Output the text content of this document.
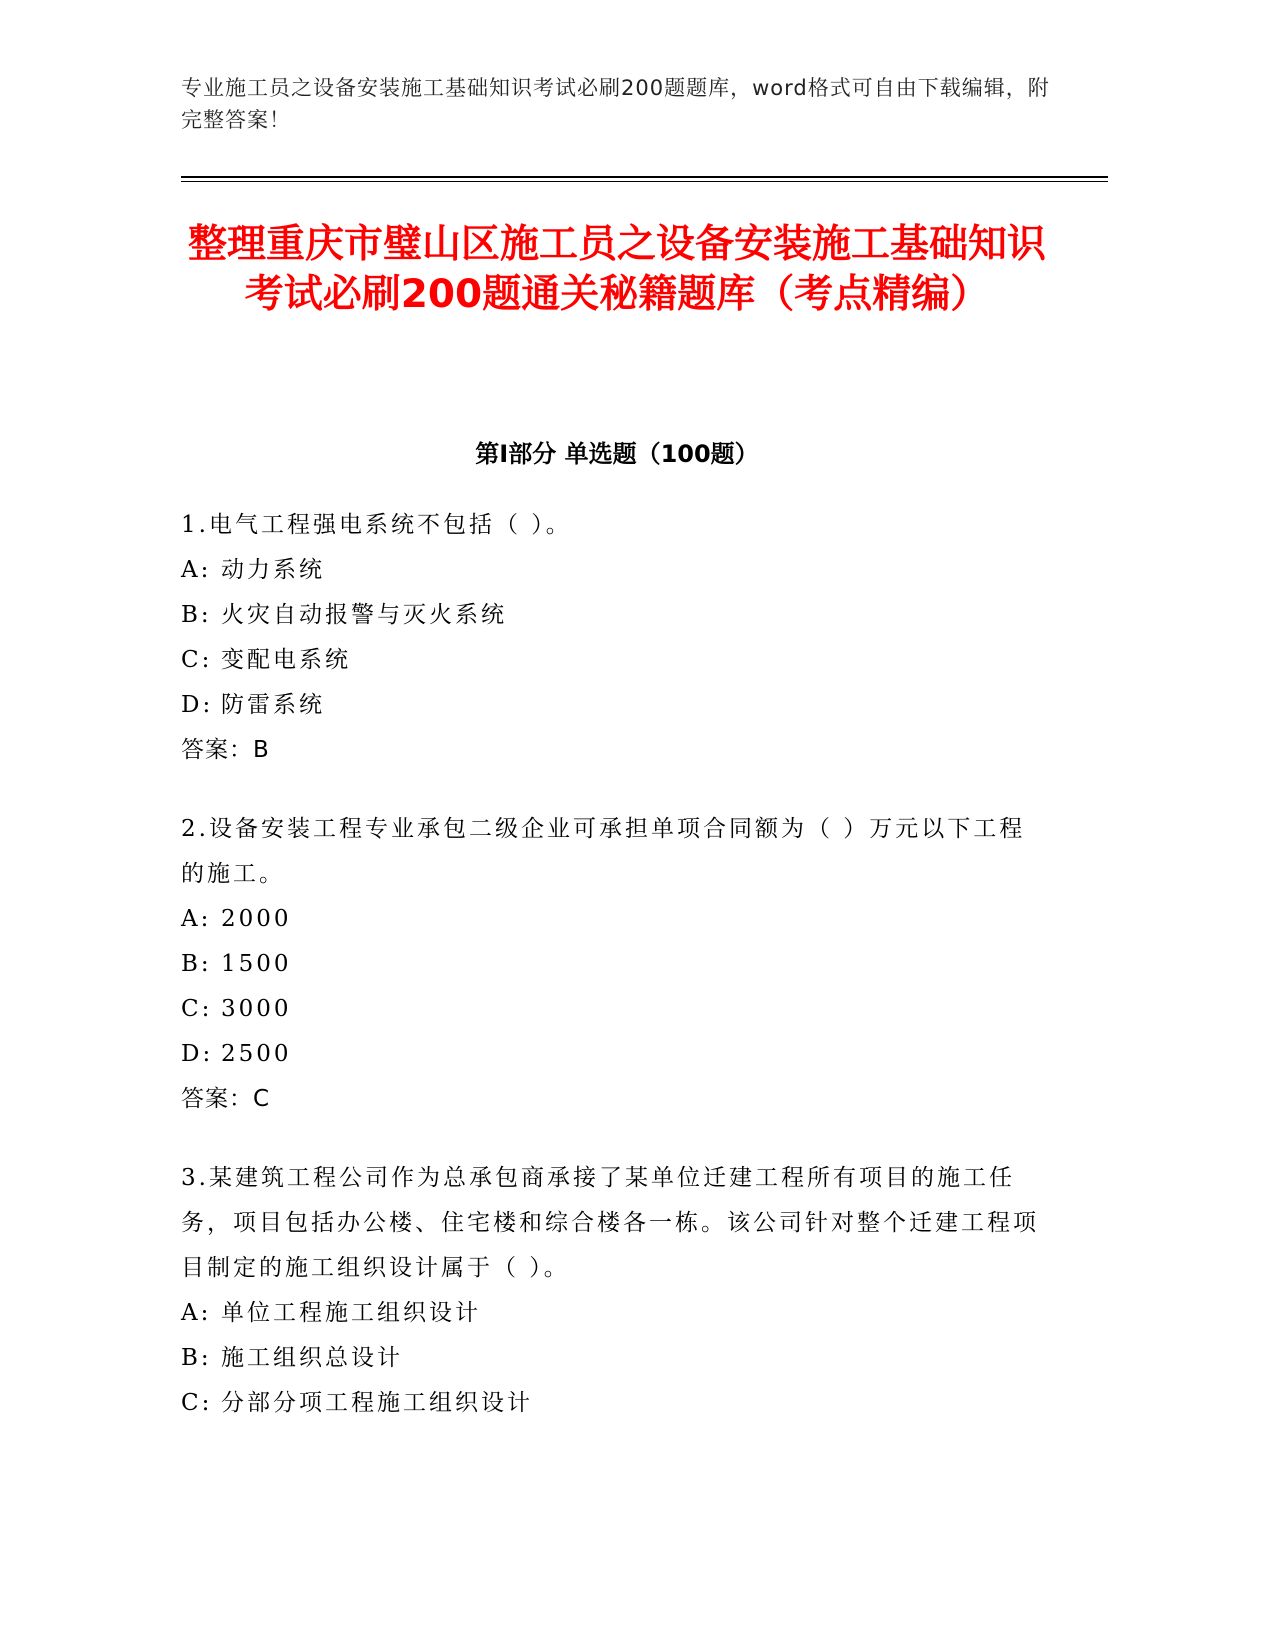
专业施工员之设备安装施工基础知识考试必刷200题题库，word格式可自由下载编辑，附完整答案！
整理重庆市璧山区施工员之设备安装施工基础知识考试必刷200题通关秘籍题库（考点精编）
第I部分 单选题（100题）
1.电气工程强电系统不包括（ ）。
A: 动力系统
B: 火灾自动报警与灭火系统
C: 变配电系统
D: 防雷系统
答案：B
2.设备安装工程专业承包二级企业可承担单项合同额为（ ）万元以下工程的施工。
A: 2000
B: 1500
C: 3000
D: 2500
答案：C
3.某建筑工程公司作为总承包商承接了某单位迁建工程所有项目的施工任务，项目包括办公楼、住宅楼和综合楼各一栋。该公司针对整个迁建工程项目制定的施工组织设计属于（ ）。
A: 单位工程施工组织设计
B: 施工组织总设计
C: 分部分项工程施工组织设计
